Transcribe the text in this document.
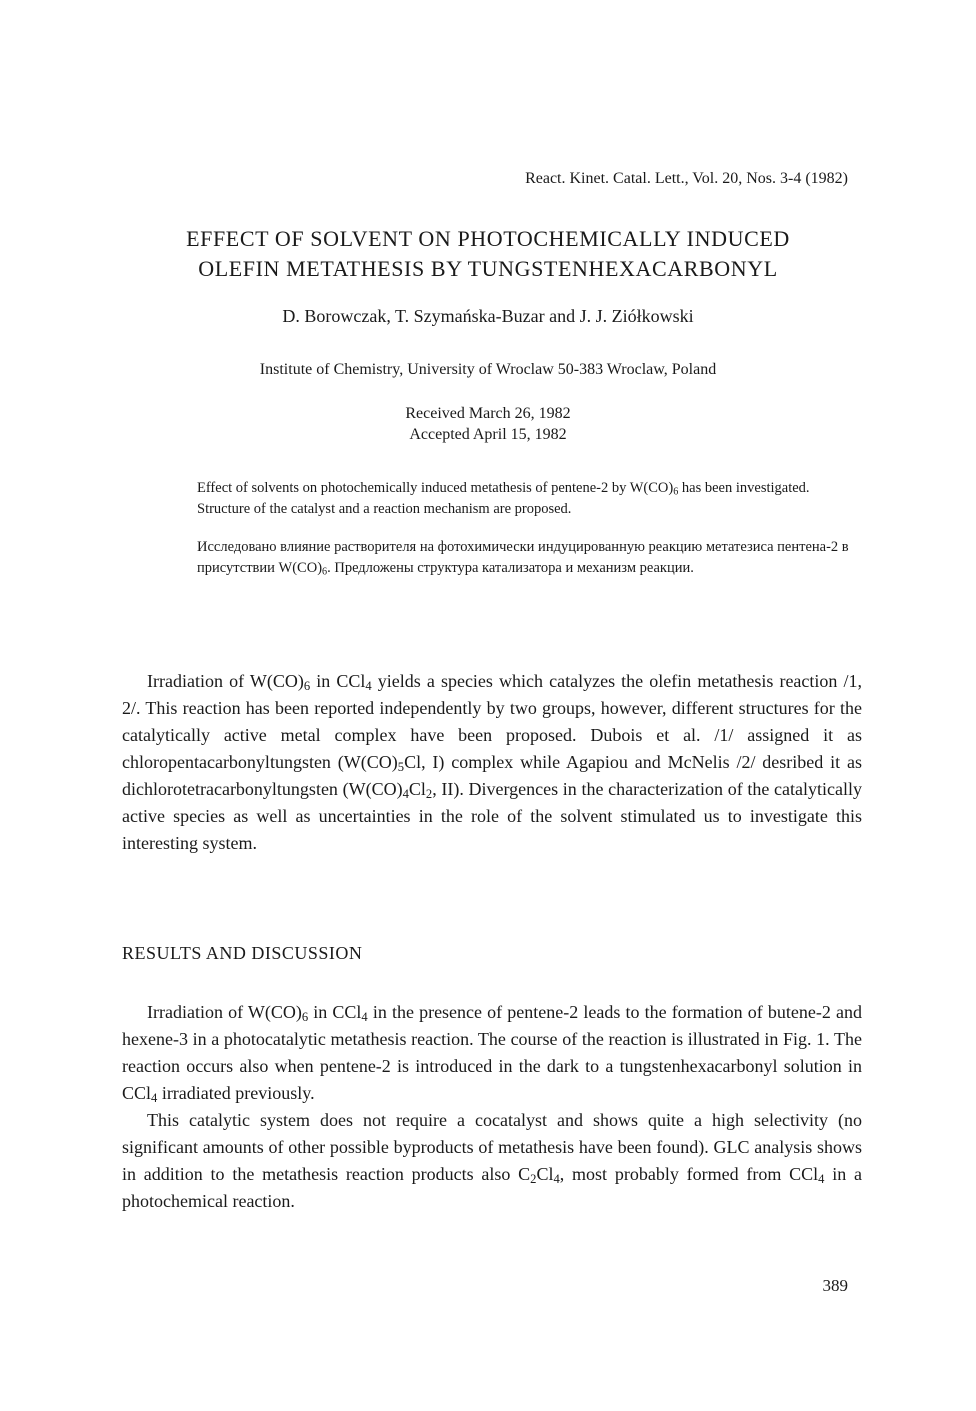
React. Kinet. Catal. Lett., Vol. 20, Nos. 3-4 (1982)
EFFECT OF SOLVENT ON PHOTOCHEMICALLY INDUCED
OLEFIN METATHESIS BY TUNGSTENHEXACARBONYL
D. Borowczak, T. Szymańska-Buzar and J. J. Ziółkowski
Institute of Chemistry, University of Wroclaw 50-383 Wroclaw, Poland
Received March 26, 1982
Accepted April 15, 1982
Effect of solvents on photochemically induced metathesis of pentene-2 by $W(CO)_6$ has been investigated. Structure of the catalyst and a reaction mechanism are proposed.
Исследовано влияние растворителя на фотохимически индуцированную реакцию метатезиса пентена-2 в присутствии $W(CO)_6$. Предложены структура катализатора и механизм реакции.

Irradiation of $W(CO)_6$ in CCl$_4$ yields a species which catalyzes the olefin metathesis reaction /1, 2/. This reaction has been reported independently by two groups, however, different structures for the catalytically active metal complex have been proposed. Dubois et al. /1/ assigned it as chloropentacarbonyltungsten ($W(CO)_5Cl$, I) complex while Agapiou and McNelis /2/ desribed it as dichlorotetracarbonyltungsten ($W(CO)_4Cl_2$, II). Divergences in the characterization of the catalytically active species as well as uncertainties in the role of the solvent stimulated us to investigate this interesting system.

RESULTS AND DISCUSSION

Irradiation of $W(CO)_6$ in CCl$_4$ in the presence of pentene-2 leads to the formation of butene-2 and hexene-3 in a photocatalytic metathesis reaction. The course of the reaction is illustrated in Fig. 1. The reaction occurs also when pentene-2 is introduced in the dark to a tungstenhexacarbonyl solution in CCl$_4$ irradiated previously.

This catalytic system does not require a cocatalyst and shows quite a high selectivity (no significant amounts of other possible byproducts of metathesis have been found). GLC analysis shows in addition to the metathesis reaction products also $C_2Cl_4$, most probably formed from CCl$_4$ in a photochemical reaction.

389
